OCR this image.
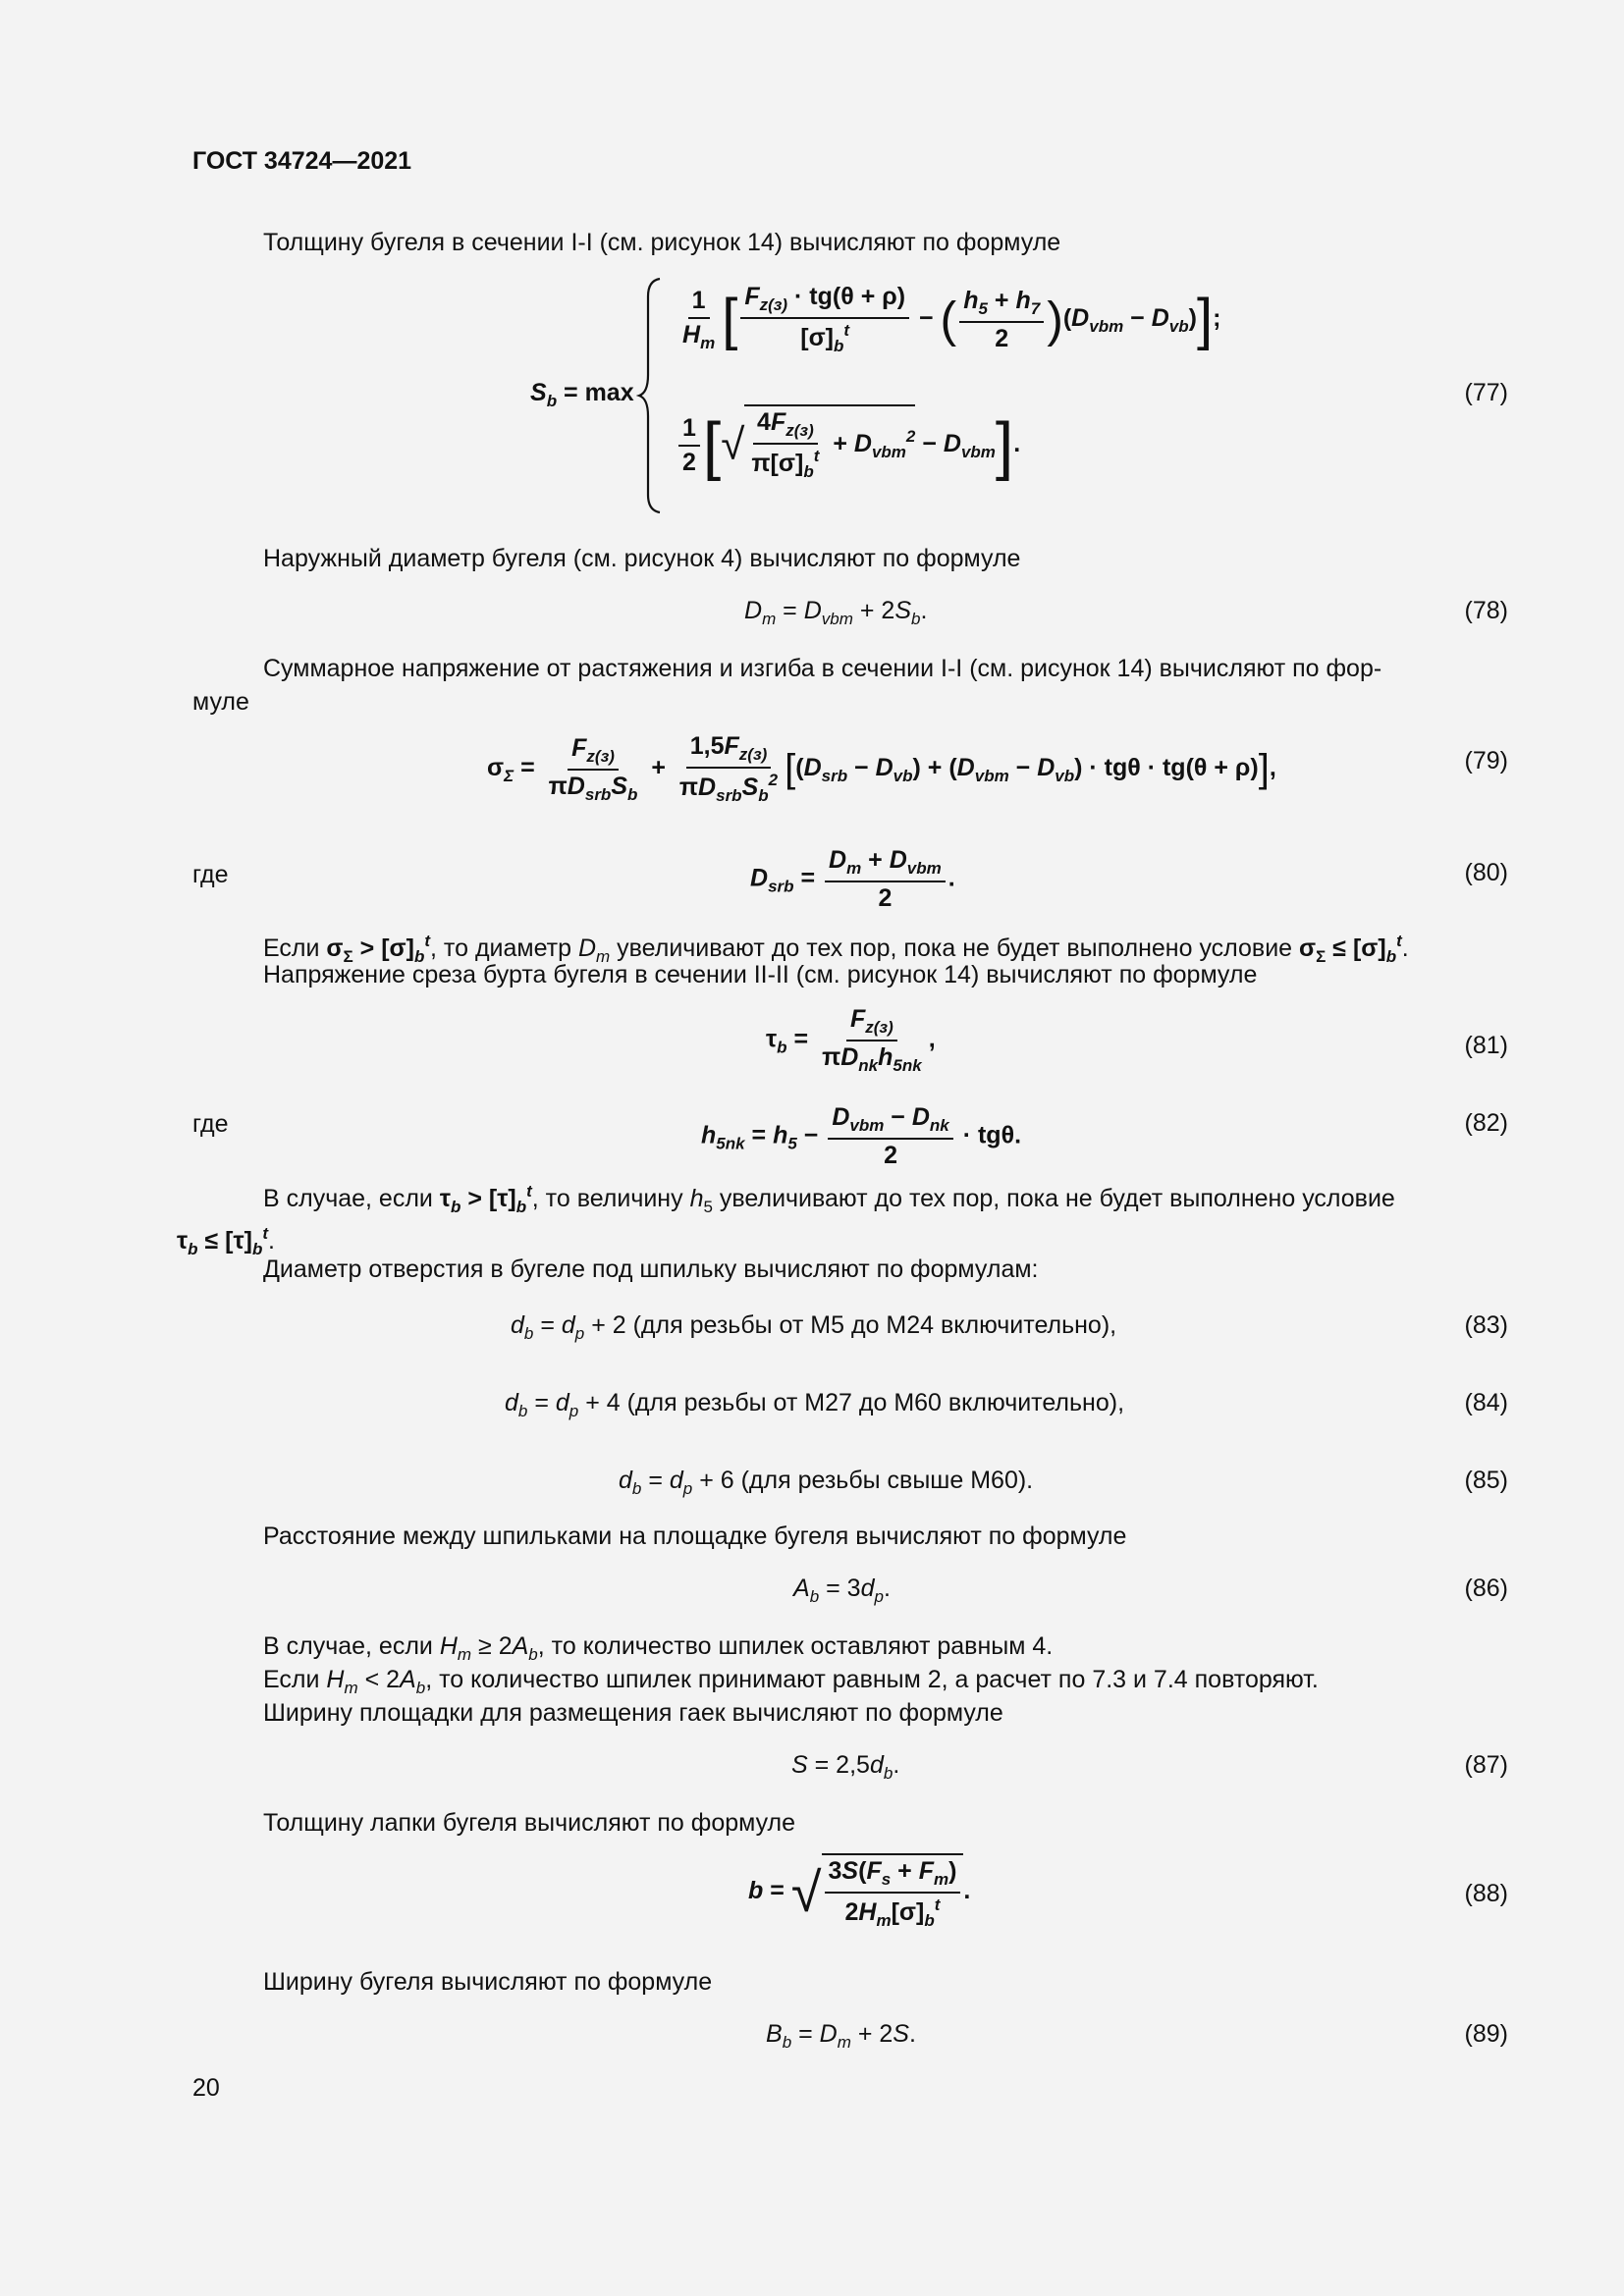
ГОСТ 34724—2021
Толщину бугеля в сечении I-I (см. рисунок 14) вычисляют по формуле
$S_b = \max$
$\frac{1}{H_m}$ [ $\frac{F_{z(з)} \cdot tg(\theta + \rho)}{[\sigma]_b^t}$ − ( $\frac{h_5 + h_7}{2} )(D_{vbm} - D_{vb})$];
$\frac{1}{2}$ [√ $\frac{4F_{z(з)}}{\pi[\sigma]_b^t} + D_{vbm}^2 - D_{vbm}$].
(77)
Наружный диаметр бугеля (см. рисунок 4) вычисляют по формуле
$D_m = D_{vbm} + 2S_b$.	(78)
Суммарное напряжение от растяжения и изгиба в сечении I-I (см. рисунок 14) вычисляют по фор-
муле
$\sigma_\Sigma = \frac{F_{z(з)}}{\pi D_{srb}S_b} + \frac{1,5F_{z(з)}}{\pi D_{srb}S_b^2} [(D_{srb} - D_{vb}) + (D_{vbm} - D_{vb}) \cdot tg\theta \cdot tg(\theta + \rho)]$,	(79)
где	$D_{srb} = \frac{D_m + D_{vbm}}{2}$ .	(80)
Если $\sigma_\Sigma > [\sigma]_b^t$, то диаметр $D_m$ увеличивают до тех пор, пока не будет выполнено условие $\sigma_\Sigma \le [\sigma]_b^t$.
Напряжение среза бурта бугеля в сечении II-II (см. рисунок 14) вычисляют по формуле
$\tau_b = \frac{F_{z(з)}}{\pi D_{nk}h_{5nk}}$ ,	(81)
где	$h_{5nk} = h_5 - \frac{D_{vbm} - D_{nk}}{2} \cdot tg\theta$.	(82)
В случае, если $\tau_b > [\tau]_b^t$, то величину $h_5$ увеличивают до тех пор, пока не будет выполнено условие
$\tau_b \le [\tau]_b^t$.
Диаметр отверстия в бугеле под шпильку вычисляют по формулам:
$d_b = d_p + 2$ (для резьбы от М5 до М24 включительно),	(83)
$d_b = d_p + 4$ (для резьбы от М27 до М60 включительно),	(84)
$d_b = d_p + 6$ (для резьбы свыше М60).	(85)
Расстояние между шпильками на площадке бугеля вычисляют по формуле
$A_b = 3d_p$.	(86)
В случае, если $H_m \ge 2A_b$, то количество шпилек оставляют равным 4.
Если $H_m < 2A_b$, то количество шпилек принимают равным 2, а расчет по 7.3 и 7.4 повторяют.
Ширину площадки для размещения гаек вычисляют по формуле
$S = 2,5d_b$.	(87)
Толщину лапки бугеля вычисляют по формуле
b = √ $\frac{3S(F_s + F_m)}{2H_m[\sigma]_b^t}$ .	(88)
Ширину бугеля вычисляют по формуле
$B_b = D_m + 2S$.	(89)
20
